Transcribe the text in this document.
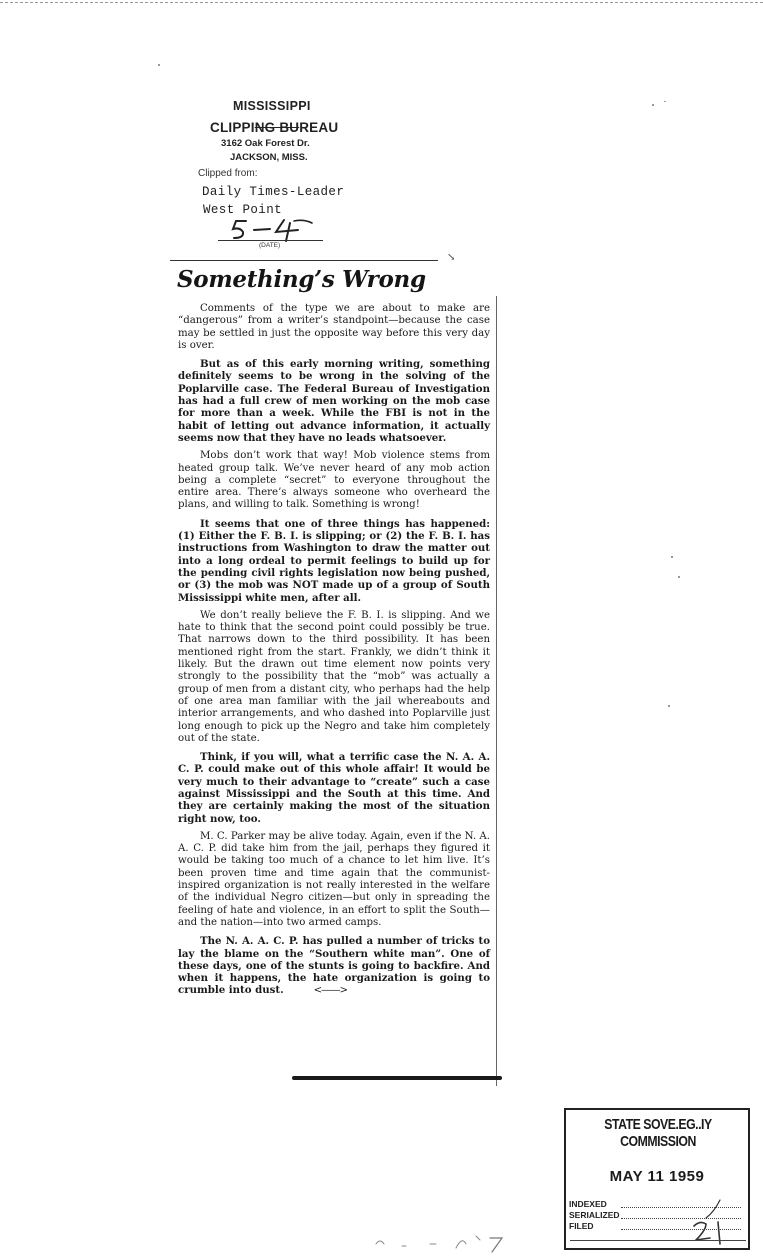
MISSISSIPPI
CLIPPING BUREAU
3162 Oak Forest Dr.
JACKSON, MISS.
Clipped from:
Daily Times-Leader
West Point
(DATE)
↘
Something’s Wrong

Comments of the type we are about to make are “dangerous” from a writer’s standpoint—because the case may be settled in just the opposite way before this very day is over.

But as of this early morning writing, something definitely seems to be wrong in the solving of the Poplarville case. The Federal Bureau of Investigation has had a full crew of men working on the mob case for more than a week. While the FBI is not in the habit of letting out advance information, it actually seems now that they have no leads whatsoever.

Mobs don’t work that way! Mob violence stems from heated group talk. We’ve never heard of any mob action being a complete “secret” to everyone throughout the entire area. There’s always someone who overheard the plans, and willing to talk. Something is wrong!

It seems that one of three things has happened: (1) Either the F. B. I. is slipping; or (2) the F. B. I. has instructions from Washington to draw the matter out into a long ordeal to permit feelings to build up for the pending civil rights legislation now being pushed, or (3) the mob was NOT made up of a group of South Mississippi white men, after all.

We don’t really believe the F. B. I. is slipping. And we hate to think that the second point could possibly be true. That narrows down to the third possibility. It has been mentioned right from the start. Frankly, we didn’t think it likely. But the drawn out time element now points very strongly to the possibility that the “mob” was actually a group of men from a distant city, who perhaps had the help of one area man familiar with the jail whereabouts and interior arrangements, and who dashed into Poplarville just long enough to pick up the Negro and take him completely out of the state.

Think, if you will, what a terrific case the N. A. A. C. P. could make out of this whole affair! It would be very much to their advantage to “create” such a case against Mississippi and the South at this time. And they are certainly making the most of the situation right now, too.

M. C. Parker may be alive today. Again, even if the N. A. A. C. P. did take him from the jail, perhaps they figured it would be taking too much of a chance to let him live. It’s been proven time and time again that the communist-inspired organization is not really interested in the welfare of the individual Negro citizen—but only in spreading the feeling of hate and violence, in an effort to split the South—and the nation—into two armed camps.

The N. A. A. C. P. has pulled a number of tricks to lay the blame on the “Southern white man”. One of these days, one of the stunts is going to backfire. And when it happens, the hate organization is going to crumble into dust.	<——>

STATE SOVE.EG..IY COMMISSION
MAY 11 1959
INDEXED
SERIALIZED
FILED
